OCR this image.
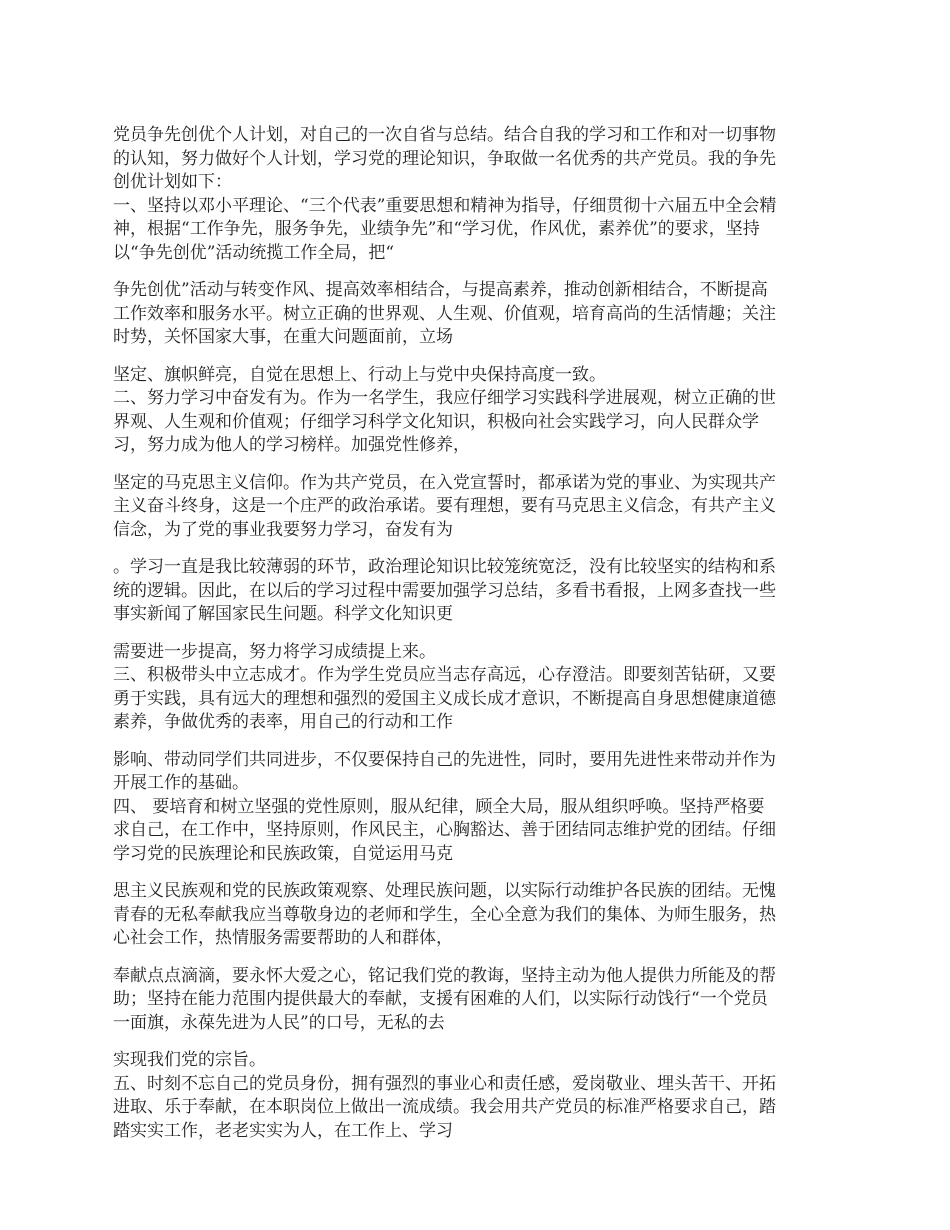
党员争先创优个人计划，对自己的一次自省与总结。结合自我的学习和工作和对一切事物
的认知，努力做好个人计划，学习党的理论知识，争取做一名优秀的共产党员。我的争先
创优计划如下：
一、坚持以邓小平理论、“三个代表”重要思想和精神为指导，仔细贯彻十六届五中全会精
神，根据“工作争先，服务争先，业绩争先”和“学习优，作风优，素养优”的要求，坚持
以“争先创优”活动统揽工作全局，把“
争先创优”活动与转变作风、提高效率相结合，与提高素养，推动创新相结合，不断提高
工作效率和服务水平。树立正确的世界观、人生观、价值观，培育高尚的生活情趣；关注
时势，关怀国家大事，在重大问题面前，立场
坚定、旗帜鲜亮，自觉在思想上、行动上与党中央保持高度一致。
二、努力学习中奋发有为。作为一名学生，我应仔细学习实践科学进展观，树立正确的世
界观、人生观和价值观；仔细学习科学文化知识，积极向社会实践学习，向人民群众学
习，努力成为他人的学习榜样。加强党性修养，
坚定的马克思主义信仰。作为共产党员，在入党宣誓时，都承诺为党的事业、为实现共产
主义奋斗终身，这是一个庄严的政治承诺。要有理想，要有马克思主义信念，有共产主义
信念，为了党的事业我要努力学习，奋发有为
。学习一直是我比较薄弱的环节，政治理论知识比较笼统宽泛，没有比较坚实的结构和系
统的逻辑。因此，在以后的学习过程中需要加强学习总结，多看书看报，上网多查找一些
事实新闻了解国家民生问题。科学文化知识更
需要进一步提高，努力将学习成绩提上来。
三、积极带头中立志成才。作为学生党员应当志存高远，心存澄洁。即要刻苦钻研，又要
勇于实践，具有远大的理想和强烈的爱国主义成长成才意识，不断提高自身思想健康道德
素养，争做优秀的表率，用自己的行动和工作
影响、带动同学们共同进步，不仅要保持自己的先进性，同时，要用先进性来带动并作为
开展工作的基础。
四、 要培育和树立坚强的党性原则，服从纪律，顾全大局，服从组织呼唤。坚持严格要
求自己，在工作中，坚持原则，作风民主，心胸豁达、善于团结同志维护党的团结。仔细
学习党的民族理论和民族政策，自觉运用马克
思主义民族观和党的民族政策观察、处理民族问题，以实际行动维护各民族的团结。无愧
青春的无私奉献我应当尊敬身边的老师和学生，全心全意为我们的集体、为师生服务，热
心社会工作，热情服务需要帮助的人和群体，
奉献点点滴滴，要永怀大爱之心，铭记我们党的教诲，坚持主动为他人提供力所能及的帮
助；坚持在能力范围内提供最大的奉献，支援有困难的人们，以实际行动饯行“一个党员
一面旗，永葆先进为人民”的口号，无私的去
实现我们党的宗旨。
五、时刻不忘自己的党员身份，拥有强烈的事业心和责任感，爱岗敬业、埋头苦干、开拓
进取、乐于奉献，在本职岗位上做出一流成绩。我会用共产党员的标准严格要求自己，踏
踏实实工作，老老实实为人，在工作上、学习
